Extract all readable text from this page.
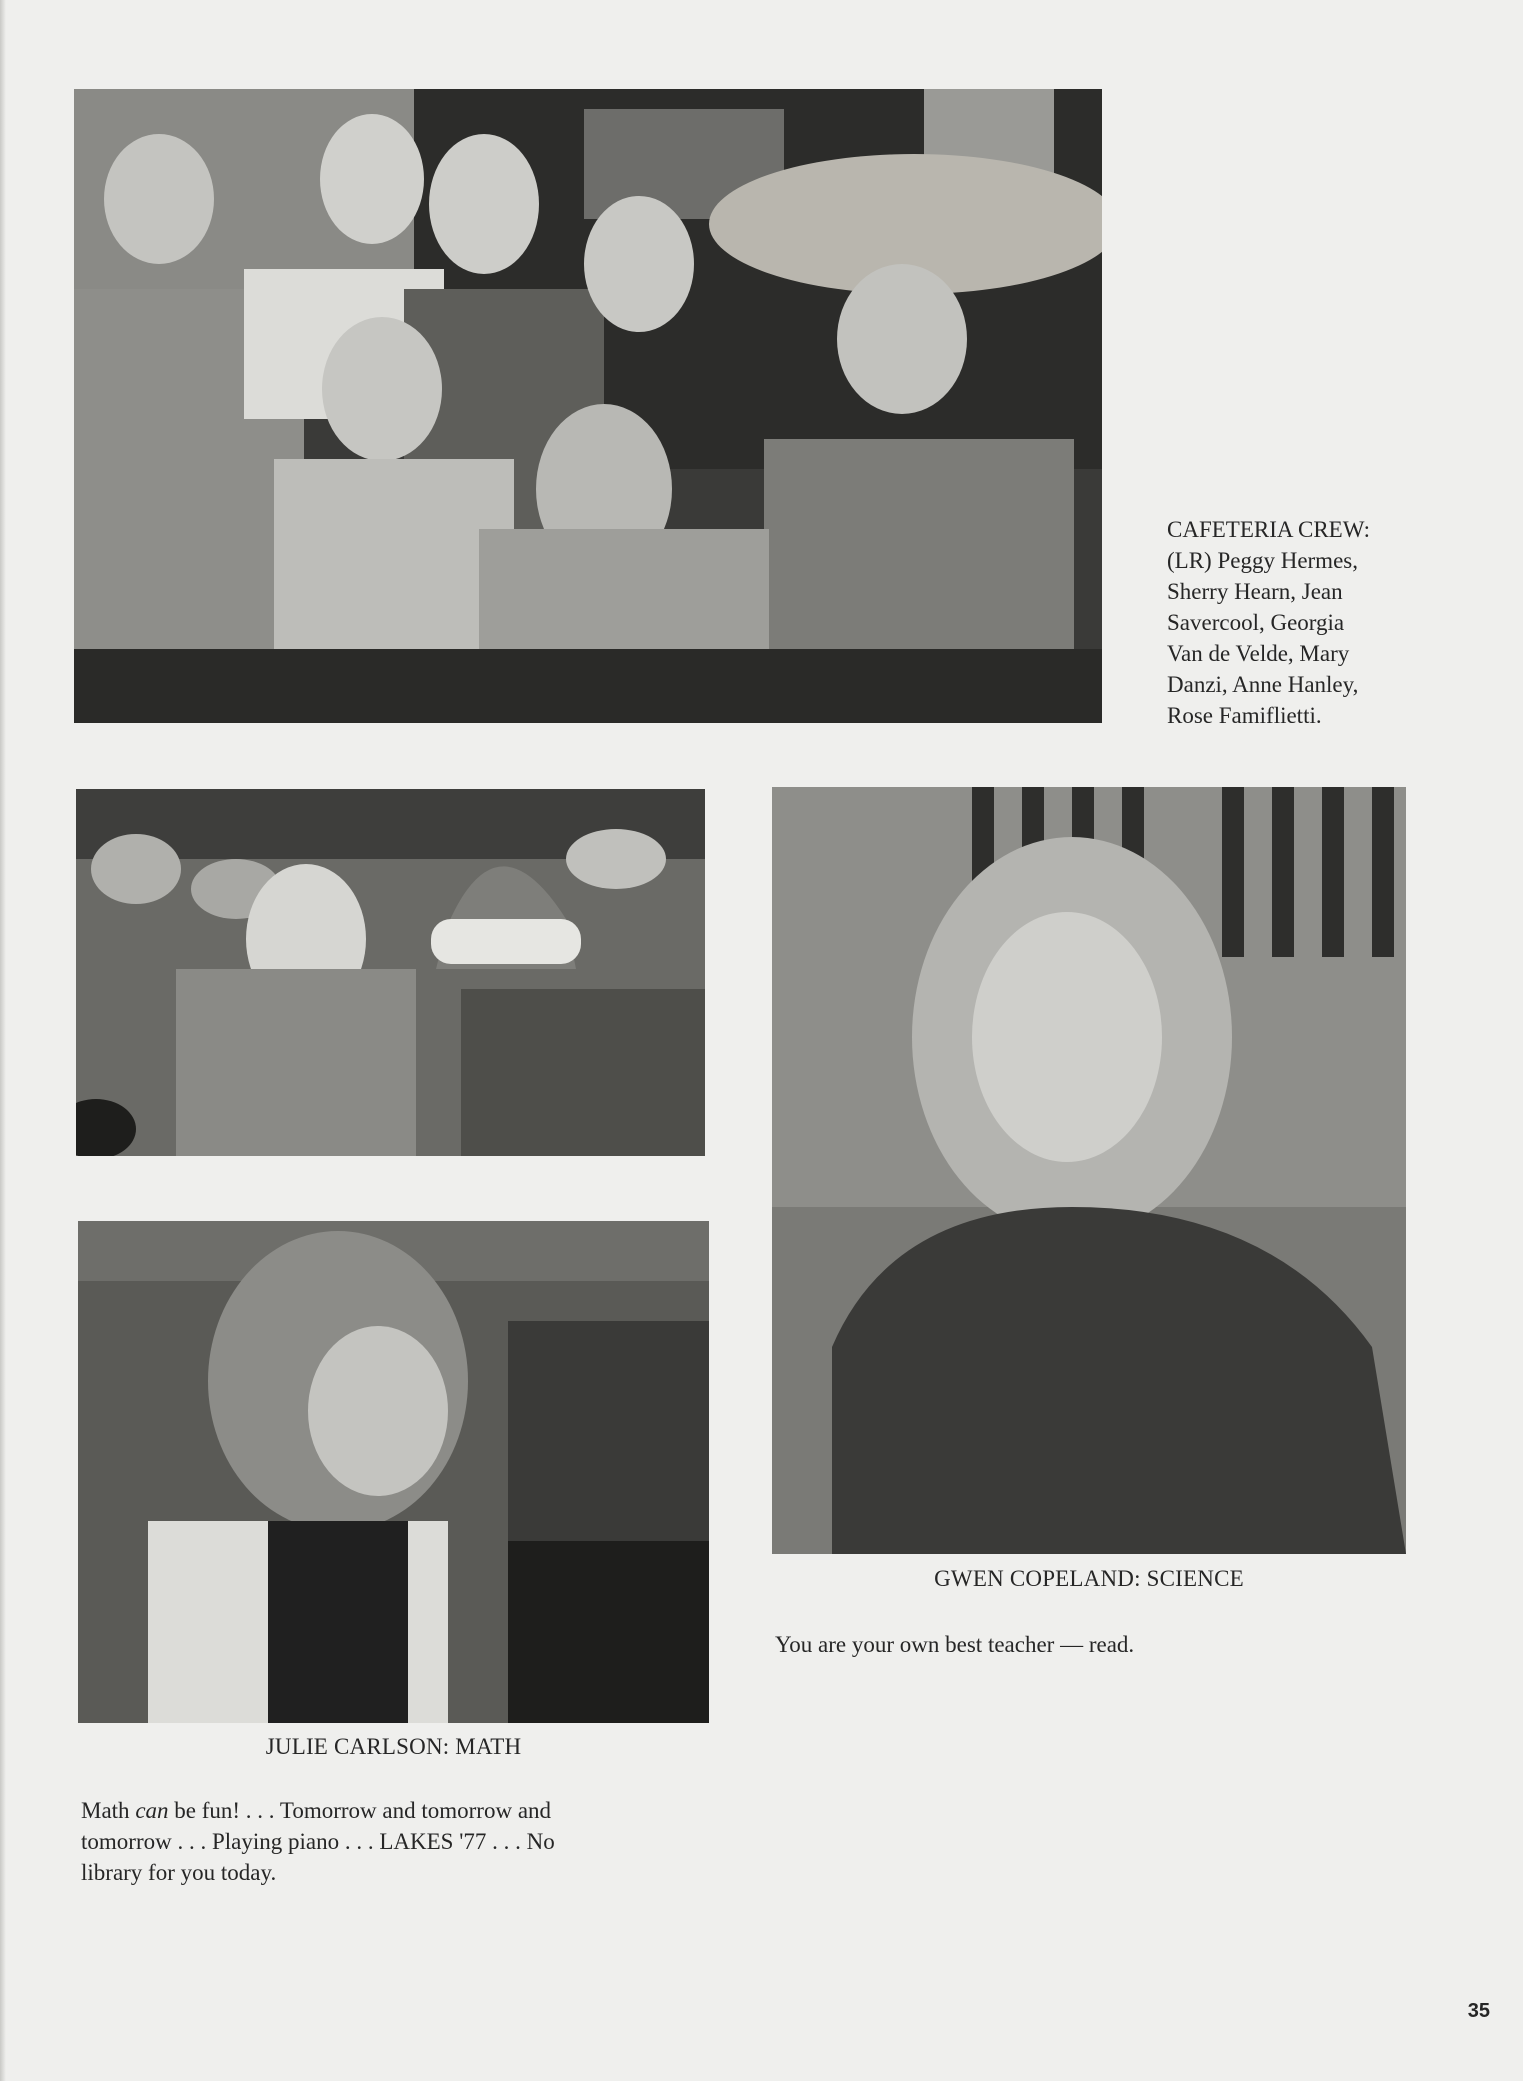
CAFETERIA CREW:
(LR) Peggy Hermes,
Sherry Hearn, Jean
Savercool, Georgia
Van de Velde, Mary
Danzi, Anne Hanley,
Rose Famiflietti.
GWEN COPELAND: SCIENCE
You are your own best teacher — read.
JULIE CARLSON: MATH
Math can be fun! . . . Tomorrow and tomorrow and
tomorrow . . . Playing piano . . . LAKES '77 . . . No
library for you today.
35
